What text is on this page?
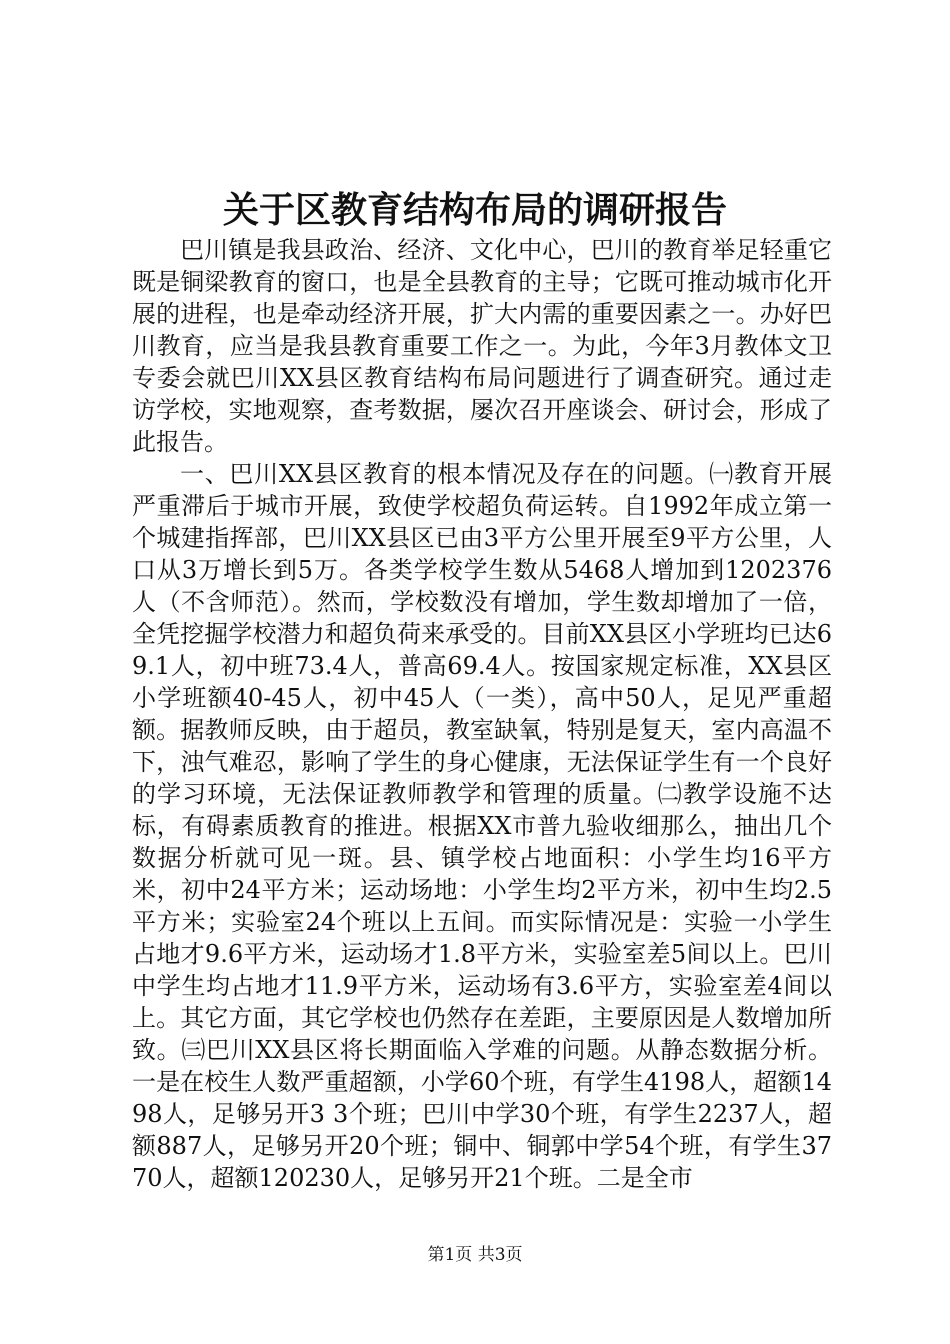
关于区教育结构布局的调研报告

巴川镇是我县政治、经济、文化中心，巴川的教育举足轻重它既是铜梁教育的窗口，也是全县教育的主导；它既可推动城市化开展的进程，也是牵动经济开展，扩大内需的重要因素之一。办好巴川教育，应当是我县教育重要工作之一。为此，今年3月教体文卫专委会就巴川XX县区教育结构布局问题进行了调查研究。通过走访学校，实地观察，查考数据，屡次召开座谈会、研讨会，形成了此报告。

一、巴川XX县区教育的根本情况及存在的问题。㈠教育开展严重滞后于城市开展，致使学校超负荷运转。自1992年成立第一个城建指挥部，巴川XX县区已由3平方公里开展至9平方公里，人口从3万增长到5万。各类学校学生数从5468人增加到1202376人（不含师范）。然而，学校数没有增加，学生数却增加了一倍，全凭挖掘学校潜力和超负荷来承受的。目前XX县区小学班均已达69.1人，初中班73.4人，普高69.4人。按国家规定标准，XX县区小学班额40-45人，初中45人（一类），高中50人，足见严重超额。据教师反映，由于超员，教室缺氧，特别是复天，室内高温不下，浊气难忍，影响了学生的身心健康，无法保证学生有一个良好的学习环境，无法保证教师教学和管理的质量。㈡教学设施不达标，有碍素质教育的推进。根据XX市普九验收细那么，抽出几个数据分析就可见一斑。县、镇学校占地面积：小学生均16平方米，初中24平方米；运动场地：小学生均2平方米，初中生均2.5平方米；实验室24个班以上五间。而实际情况是：实验一小学生占地才9.6平方米，运动场才1.8平方米，实验室差5间以上。巴川中学生均占地才11.9平方米，运动场有3.6平方，实验室差4间以上。其它方面，其它学校也仍然存在差距，主要原因是人数增加所致。㈢巴川XX县区将长期面临入学难的问题。从静态数据分析。一是在校生人数严重超额，小学60个班，有学生4198人，超额1498人，足够另开3 3个班；巴川中学30个班，有学生2237人，超额887人，足够另开20个班；铜中、铜郭中学54个班，有学生3770人，超额120230人，足够另开21个班。二是全市

第1页 共3页
